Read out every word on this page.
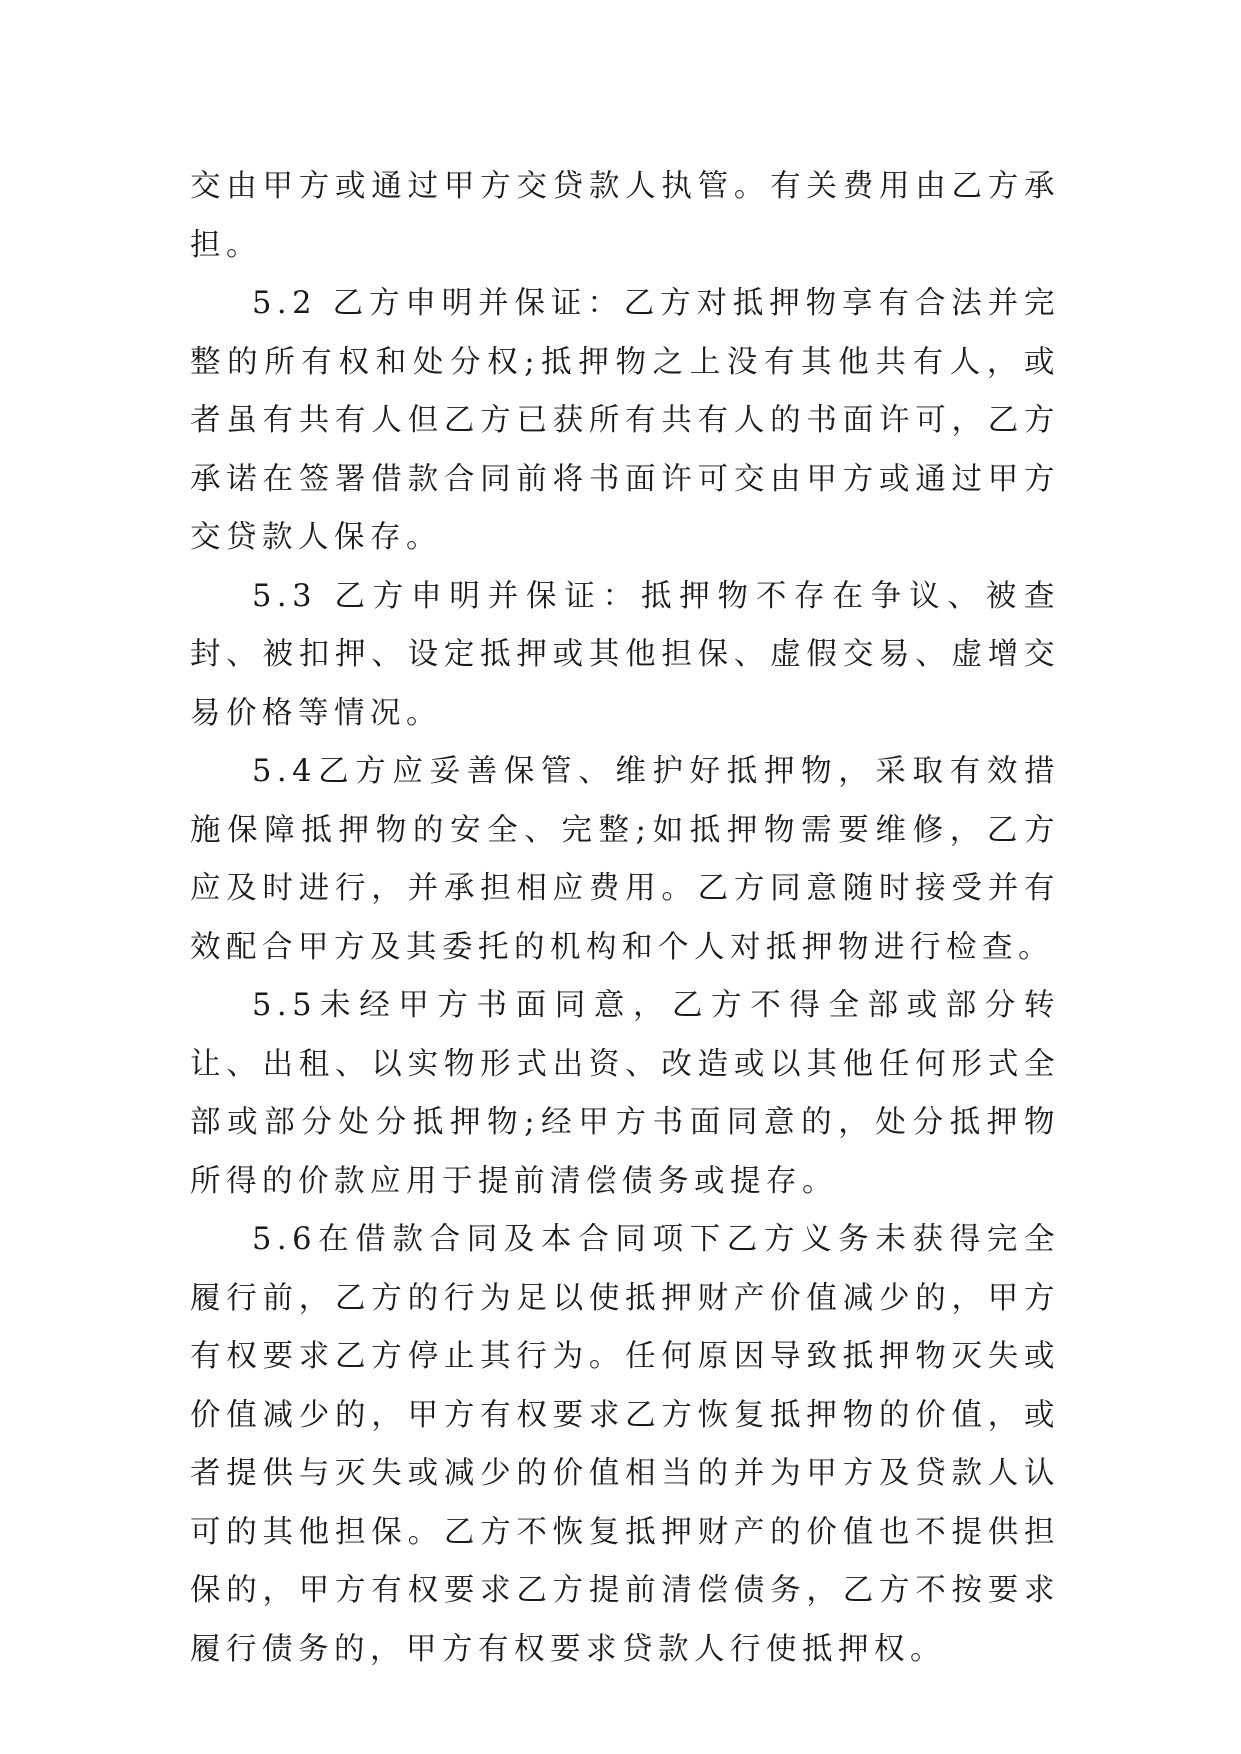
交由甲方或通过甲方交贷款人执管。有关费用由乙方承担。

5.2 乙方申明并保证：乙方对抵押物享有合法并完整的所有权和处分权;抵押物之上没有其他共有人，或者虽有共有人但乙方已获所有共有人的书面许可，乙方承诺在签署借款合同前将书面许可交由甲方或通过甲方交贷款人保存。

5.3 乙方申明并保证：抵押物不存在争议、被查封、被扣押、设定抵押或其他担保、虚假交易、虚增交易价格等情况。

5.4乙方应妥善保管、维护好抵押物，采取有效措施保障抵押物的安全、完整;如抵押物需要维修，乙方应及时进行，并承担相应费用。乙方同意随时接受并有效配合甲方及其委托的机构和个人对抵押物进行检查。

5.5未经甲方书面同意，乙方不得全部或部分转让、出租、以实物形式出资、改造或以其他任何形式全部或部分处分抵押物;经甲方书面同意的，处分抵押物所得的价款应用于提前清偿债务或提存。

5.6在借款合同及本合同项下乙方义务未获得完全履行前，乙方的行为足以使抵押财产价值减少的，甲方有权要求乙方停止其行为。任何原因导致抵押物灭失或价值减少的，甲方有权要求乙方恢复抵押物的价值，或者提供与灭失或减少的价值相当的并为甲方及贷款人认可的其他担保。乙方不恢复抵押财产的价值也不提供担保的，甲方有权要求乙方提前清偿债务，乙方不按要求履行债务的，甲方有权要求贷款人行使抵押权。
